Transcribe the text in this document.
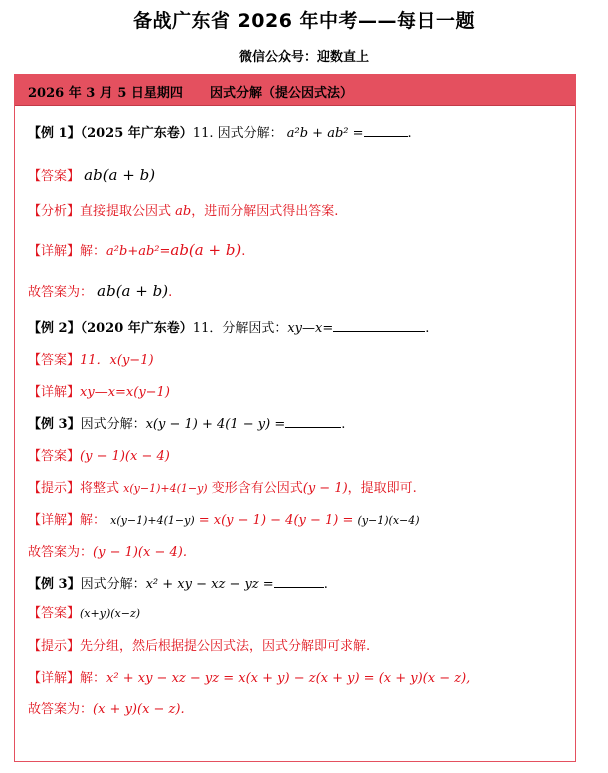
备战广东省 2026 年中考——每日一题
微信公众号：迎数直上
2026 年 3 月 5 日星期四 因式分解（提公因式法）
【例 1】（2025 年广东卷）11. 因式分解： a²b + ab² =	.
【答案】 ab(a + b)
【分析】直接提取公因式 ab，进而分解因式得出答案.
【详解】解：a²b+ab²=ab(a + b).
故答案为： ab(a + b).
【例 2】（2020 年广东卷）11．分解因式：xy—x=	.
【答案】11．x(y−1)
【详解】xy—x=x(y−1)
【例 3】因式分解：x(y − 1) + 4(1 − y) =	.
【答案】(y − 1)(x − 4)
【提示】将整式 x(y−1)+4(1−y) 变形含有公因式(y − 1)，提取即可.
【详解】解： x(y−1)+4(1−y) = x(y − 1) − 4(y − 1) = (y−1)(x−4)
故答案为：(y − 1)(x − 4).
【例 3】因式分解：x² + xy − xz − yz =	.
【答案】(x+y)(x−z)
【提示】先分组，然后根据提公因式法，因式分解即可求解.
【详解】解：x² + xy − xz − yz = x(x + y) − z(x + y) = (x + y)(x − z),
故答案为：(x + y)(x − z).
